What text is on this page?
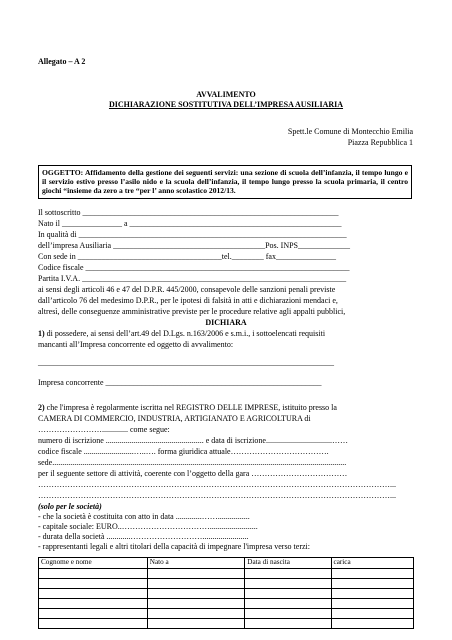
Allegato – A 2
AVVALIMENTO
DICHIARAZIONE SOSTITUTIVA DELL’IMPRESA AUSILIARIA
Spett.le Comune di Montecchio Emilia
Piazza Repubblica 1
OGGETTO: Affidamento della gestione dei seguenti servizi: una sezione di scuola dell’infanzia, il tempo lungo e il servizio estivo presso l’asilo nido e la scuola dell’infanzia, il tempo lungo presso la scuola primaria, il centro giochi “insieme da zero a tre “per l’ anno scolastico 2012/13.
Il sottoscritto ________________________________________________________________
Nato il _______________ a _____________________________________________________
In qualità di ___________________________________________________________________
dell’impresa Ausiliaria ______________________________________Pos. INPS_____________
Con sede in ____________________________________tel.________ fax_______________
Codice fiscale __________________________________________________________________
Partita I.V.A. __________________________________________________________________
ai sensi degli articoli 46 e 47 del D.P.R. 445/2000, consapevole delle sanzioni penali previste
dall’articolo 76 del medesimo D.P.R., per le ipotesi di falsità in atti e dichiarazioni mendaci e,
altresì, delle conseguenze amministrative previste per le procedure relative agli appalti pubblici,
DICHIARA
1) di possedere, ai sensi dell’art.49 del D.Lgs. n.163/2006 e s.m.i., i sottoelencati requisiti
mancanti all’Impresa concorrente ed oggetto di avvalimento:
__________________________________________________________________________
Impresa concorrente ______________________________________________________
2) che l'impresa è regolarmente iscritta nel REGISTRO DELLE IMPRESE, istituito presso la
CAMERA DI COMMERCIO, INDUSTRIA, ARTIGIANATO E AGRICOLTURA di
……………………............. come segue:
numero di iscrizione ................................................. e data di iscrizione.................................……
codice fiscale .........................…..…. forma giuridica attuale……………………………….
sede...................................................................................................................................................
per il seguente settore di attività, coerente con l’oggetto della gara ………………………………
……………………………………………………………………………………………………………………...
……………………………………………………………………………………………………………………...
(solo per le società)
- che la società è costituita con atto in data .............……................
- capitale sociale: EURO..……………………………........................
- durata della società ............……………………….......................
- rappresentanti legali e altri titolari della capacità di impegnare l'impresa verso terzi:
Cognome e nome	Nato a	Data di nascita	carica
